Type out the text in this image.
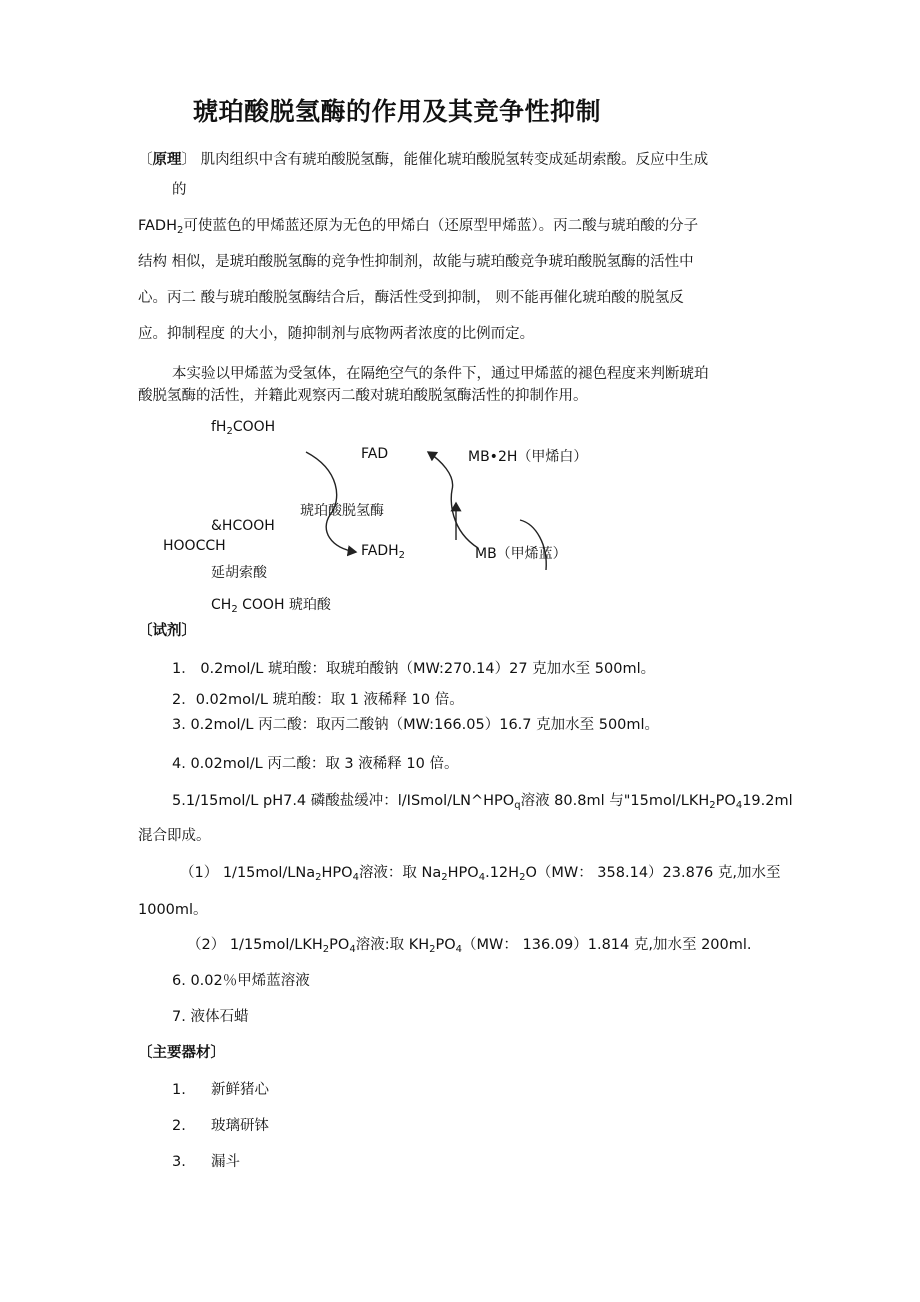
琥珀酸脱氢酶的作用及其竞争性抑制
〔原理〕 肌肉组织中含有琥珀酸脱氢酶，能催化琥珀酸脱氢转变成延胡索酸。反应中生成
的
$FADH_2$可使蓝色的甲烯蓝还原为无色的甲烯白（还原型甲烯蓝）。丙二酸与琥珀酸的分子
结构 相似，是琥珀酸脱氢酶的竞争性抑制剂，故能与琥珀酸竞争琥珀酸脱氢酶的活性中
心。丙二 酸与琥珀酸脱氢酶结合后，酶活性受到抑制， 则不能再催化琥珀酸的脱氢反
应。抑制程度 的大小，随抑制剂与底物两者浓度的比例而定。
本实验以甲烯蓝为受氢体，在隔绝空气的条件下，通过甲烯蓝的褪色程度来判断琥珀
酸脱氢酶的活性，并籍此观察丙二酸对琥珀酸脱氢酶活性的抑制作用。
$fH_2COOH$
FAD	MB•2H（甲烯白）
琥珀酸脱氢酶
&HCOOH
HOOCCH	$FADH_2$	MB（甲烯蓝）
延胡索酸
$CH_2$ COOH 琥珀酸
〔试剂〕
1． 0.2mol/L 琥珀酸：取琥珀酸钠（MW:270.14）27 克加水至 500ml。
2．0.02mol/L 琥珀酸：取 1 液稀释 10 倍。
3. 0.2mol/L 丙二酸：取丙二酸钠（MW:166.05）16.7 克加水至 500ml。
4. 0.02mol/L 丙二酸：取 3 液稀释 10 倍。
5.1/15mol/L pH7.4 磷酸盐缓冲：$l/ISmol/LN\^{}HPO_q$溶液 80.8ml 与"$15mol/LKH_2PO_419.2ml$
混合即成。
（1） $1/15mol/LNa_2HPO_4$溶液：取 $Na_2HPO_4.12H_2O(MW$： 358.14）23.876 克,加水至
1000ml。
（2） $1/15mol/LKH_2PO_4$溶液:取 $KH_2PO_4(MW$： 136.09）1.814 克,加水至 200ml.
6. 0.02％甲烯蓝溶液
7. 液体石蜡
〔主要器材〕
1. 新鲜猪心
2. 玻璃研钵
3. 漏斗
